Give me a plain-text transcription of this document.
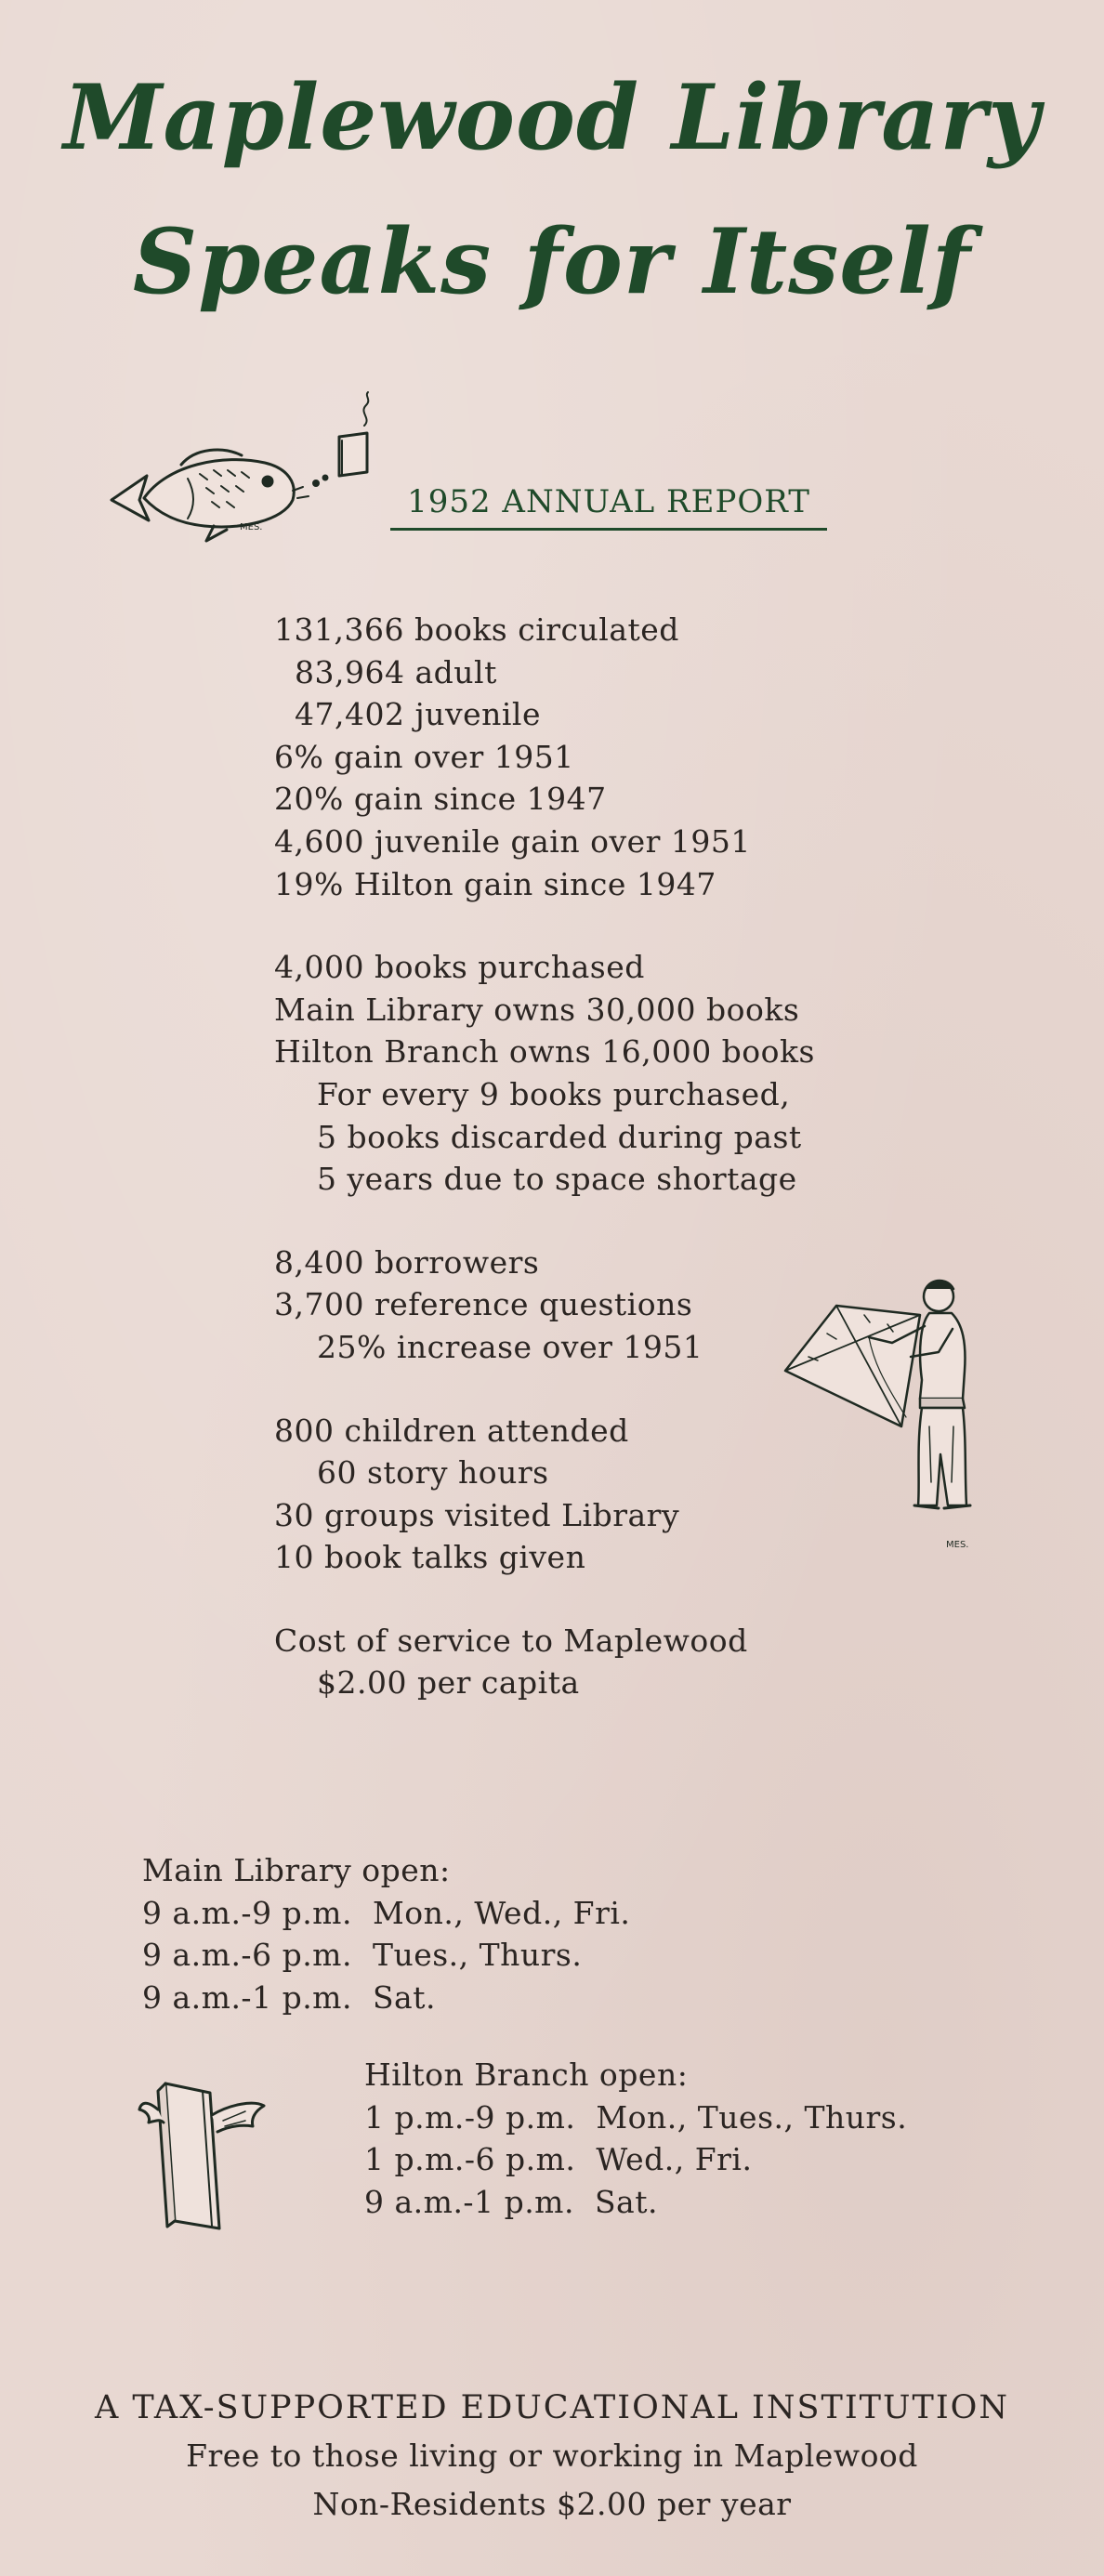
Maplewood Library
Speaks for Itself
MES.
1952 ANNUAL REPORT
131,366 books circulated
83,964 adult
47,402 juvenile
6% gain over 1951
20% gain since 1947
4,600 juvenile gain over 1951
19% Hilton gain since 1947
4,000 books purchased
Main Library owns 30,000 books
Hilton Branch owns 16,000 books
For every 9 books purchased,
5 books discarded during past
5 years due to space shortage
8,400 borrowers
3,700 reference questions
25% increase over 1951
800 children attended
60 story hours
30 groups visited Library
10 book talks given
Cost of service to Maplewood
$2.00 per capita
MES.
Main Library open:
9 a.m.-9 p.m.  Mon., Wed., Fri.
9 a.m.-6 p.m.  Tues., Thurs.
9 a.m.-1 p.m.  Sat.
Hilton Branch open:
1 p.m.-9 p.m.  Mon., Tues., Thurs.
1 p.m.-6 p.m.  Wed., Fri.
9 a.m.-1 p.m.  Sat.
A TAX-SUPPORTED EDUCATIONAL INSTITUTION
Free to those living or working in Maplewood
Non-Residents $2.00 per year
